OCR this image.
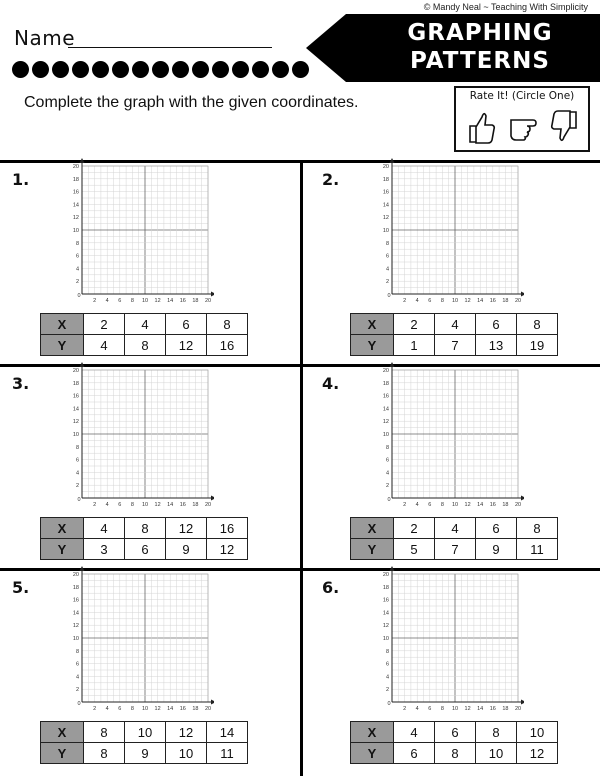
© Mandy Neal ~ Teaching With Simplicity
Name	GRAPHING
PATTERNS
Complete the graph with the given coordinates.	Rate It! (Circle One)
1.
20
18
16
14
12
10
8
6
4
2
0
2 4 6 8 10 12 14 16 18 20
X	2	4	6	8
Y	4	8	12	16
2.
20
18
16
14
12
10
8
6
4
2
0
2 4 6 8 10 12 14 16 18 20
X	2	4	6	8
Y	1	7	13	19
3.
20
18
16
14
12
10
8
6
4
2
0
2 4 6 8 10 12 14 16 18 20
X	4	8	12	16
Y	3	6	9	12
4.
20
18
16
14
12
10
8
6
4
2
0
2 4 6 8 10 12 14 16 18 20
X	2	4	6	8
Y	5	7	9	11
5.
20
18
16
14
12
10
8
6
4
2
0
2 4 6 8 10 12 14 16 18 20
X	8	10	12	14
Y	8	9	10	11
6.
20
18
16
14
12
10
8
6
4
2
0
2 4 6 8 10 12 14 16 18 20
X	4	6	8	10
Y	6	8	10	12
